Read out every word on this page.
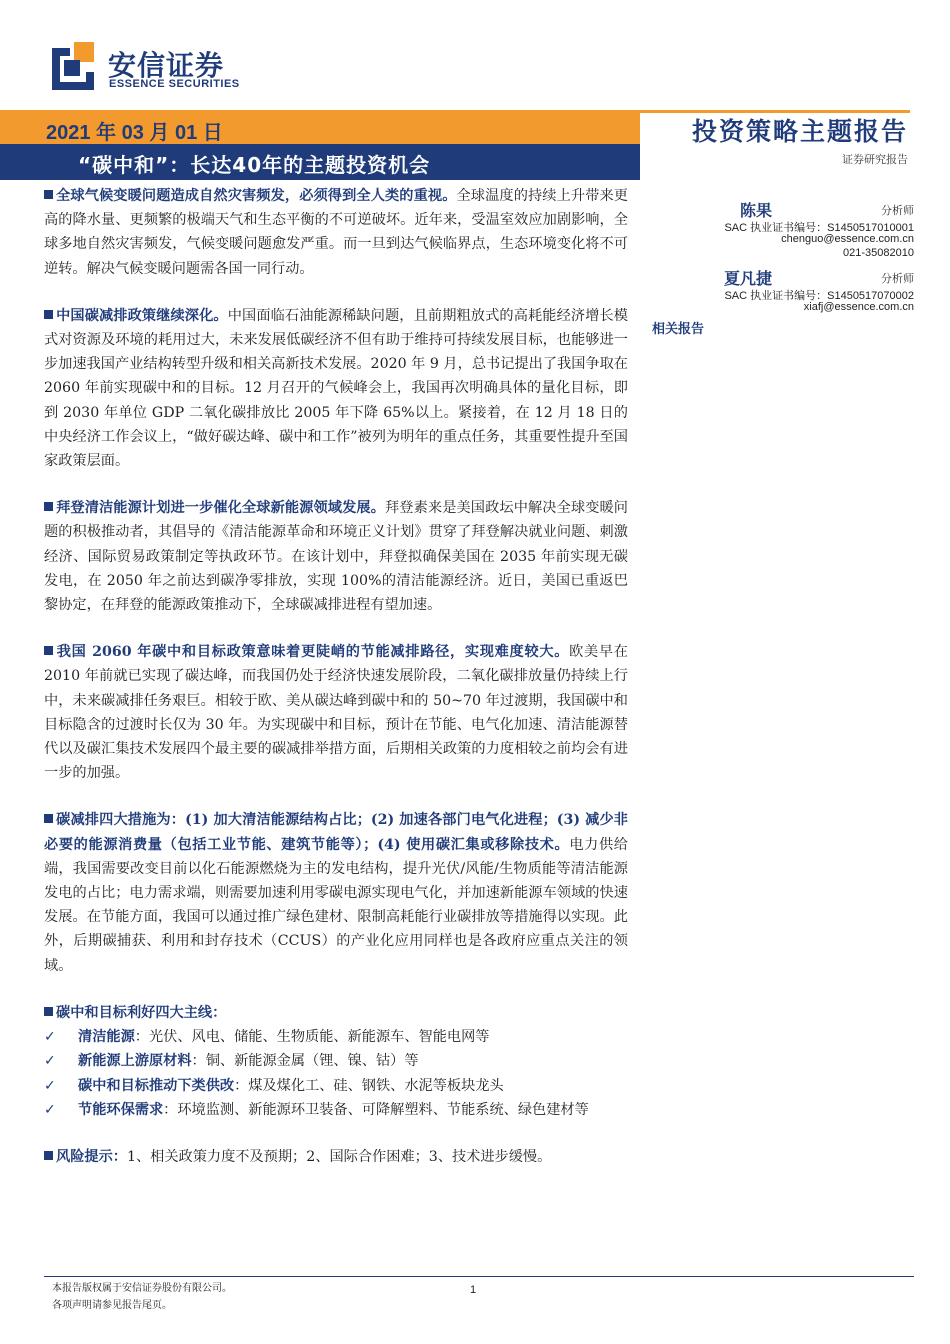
安信证券
ESSENCE SECURITIES
2021 年 03 月 01 日
“碳中和”：长达40年的主题投资机会
投资策略主题报告
证券研究报告
陈果	分析师
SAC 执业证书编号：S1450517010001
chenguo@essence.com.cn
021-35082010
夏凡捷	分析师
SAC 执业证书编号：S1450517070002
xiafj@essence.com.cn
相关报告

全球气候变暖问题造成自然灾害频发，必须得到全人类的重视。全球温度的持续上升带来更高的降水量、更频繁的极端天气和生态平衡的不可逆破坏。近年来，受温室效应加剧影响，全球多地自然灾害频发，气候变暖问题愈发严重。而一旦到达气候临界点，生态环境变化将不可逆转。解决气候变暖问题需各国一同行动。

中国碳减排政策继续深化。中国面临石油能源稀缺问题，且前期粗放式的高耗能经济增长模式对资源及环境的耗用过大，未来发展低碳经济不但有助于维持可持续发展目标，也能够进一步加速我国产业结构转型升级和相关高新技术发展。2020 年 9 月，总书记提出了我国争取在 2060 年前实现碳中和的目标。12 月召开的气候峰会上，我国再次明确具体的量化目标，即到 2030 年单位 GDP 二氧化碳排放比 2005 年下降 65%以上。紧接着，在 12 月 18 日的中央经济工作会议上，“做好碳达峰、碳中和工作”被列为明年的重点任务，其重要性提升至国家政策层面。

拜登清洁能源计划进一步催化全球新能源领域发展。拜登素来是美国政坛中解决全球变暖问题的积极推动者，其倡导的《清洁能源革命和环境正义计划》贯穿了拜登解决就业问题、刺激经济、国际贸易政策制定等执政环节。在该计划中，拜登拟确保美国在 2035 年前实现无碳发电，在 2050 年之前达到碳净零排放，实现 100%的清洁能源经济。近日，美国已重返巴黎协定，在拜登的能源政策推动下，全球碳减排进程有望加速。

我国 2060 年碳中和目标政策意味着更陡峭的节能减排路径，实现难度较大。欧美早在 2010 年前就已实现了碳达峰，而我国仍处于经济快速发展阶段，二氧化碳排放量仍持续上行中，未来碳减排任务艰巨。相较于欧、美从碳达峰到碳中和的 50~70 年过渡期，我国碳中和目标隐含的过渡时长仅为 30 年。为实现碳中和目标，预计在节能、电气化加速、清洁能源替代以及碳汇集技术发展四个最主要的碳减排举措方面，后期相关政策的力度相较之前均会有进一步的加强。

碳减排四大措施为：(1) 加大清洁能源结构占比；(2) 加速各部门电气化进程；(3) 减少非必要的能源消费量（包括工业节能、建筑节能等）；(4) 使用碳汇集或移除技术。电力供给端，我国需要改变目前以化石能源燃烧为主的发电结构，提升光伏/风能/生物质能等清洁能源发电的占比；电力需求端，则需要加速利用零碳电源实现电气化，并加速新能源车领域的快速发展。在节能方面，我国可以通过推广绿色建材、限制高耗能行业碳排放等措施得以实现。此外，后期碳捕获、利用和封存技术（CCUS）的产业化应用同样也是各政府应重点关注的领域。

碳中和目标利好四大主线：

✓ 清洁能源：光伏、风电、储能、生物质能、新能源车、智能电网等
✓ 新能源上游原材料：铜、新能源金属（锂、镍、钴）等
✓ 碳中和目标推动下类供改：煤及煤化工、硅、钢铁、水泥等板块龙头
✓ 节能环保需求：环境监测、新能源环卫装备、可降解塑料、节能系统、绿色建材等

风险提示：1、相关政策力度不及预期；2、国际合作困难；3、技术进步缓慢。

本报告版权属于安信证券股份有限公司。
各项声明请参见报告尾页。
1
